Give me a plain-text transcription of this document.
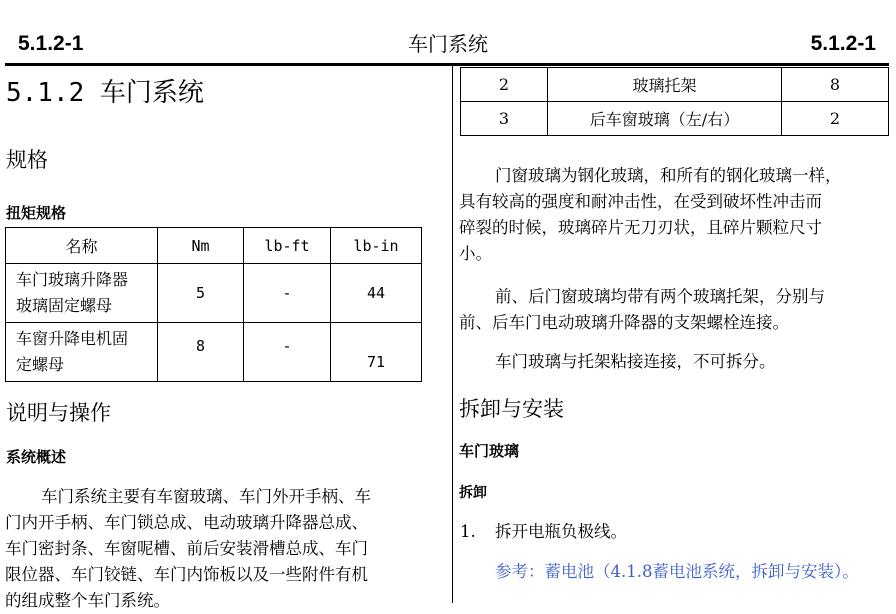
5.1.2-1	车门系统	5.1.2-1
5.1.2 车门系统
规格
扭矩规格
名称	Nm	lb-ft	lb-in

车门玻璃升降器
玻璃固定螺母	5	-	44

车窗升降电机固
定螺母	8	-	71
说明与操作
系统概述
车门系统主要有车窗玻璃、车门外开手柄、车
门内开手柄、车门锁总成、电动玻璃升降器总成、
车门密封条、车窗呢槽、前后安装滑槽总成、车门
限位器、车门铰链、车门内饰板以及一些附件有机
的组成整个车门系统。
2	玻璃托架	8
3	后车窗玻璃（左/右）	2
门窗玻璃为钢化玻璃，和所有的钢化玻璃一样，
具有较高的强度和耐冲击性，在受到破坏性冲击而
碎裂的时候，玻璃碎片无刀刃状，且碎片颗粒尺寸
小。
前、后门窗玻璃均带有两个玻璃托架，分别与
前、后车门电动玻璃升降器的支架螺栓连接。
车门玻璃与托架粘接连接，不可拆分。
拆卸与安装
车门玻璃
拆卸
1. 拆开电瓶负极线。
参考：蓄电池（4.1.8蓄电池系统，拆卸与安装）。
